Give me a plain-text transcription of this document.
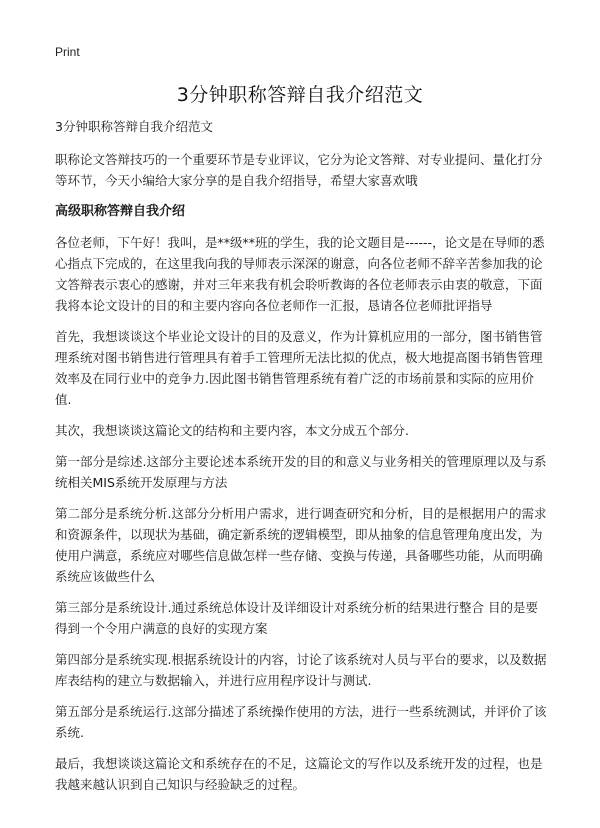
Print
3分钟职称答辩自我介绍范文

3分钟职称答辩自我介绍范文

职称论文答辩技巧的一个重要环节是专业评议，它分为论文答辩、对专业提问、量化打分等环节，今天小编给大家分享的是自我介绍指导，希望大家喜欢哦

高级职称答辩自我介绍

各位老师，下午好！我叫，是**级**班的学生，我的论文题目是------，论文是在导师的悉心指点下完成的，在这里我向我的导师表示深深的谢意，向各位老师不辞辛苦参加我的论文答辩表示衷心的感谢，并对三年来我有机会聆听教诲的各位老师表示由衷的敬意，下面我将本论文设计的目的和主要内容向各位老师作一汇报，恳请各位老师批评指导

首先，我想谈谈这个毕业论文设计的目的及意义，作为计算机应用的一部分，图书销售管理系统对图书销售进行管理具有着手工管理所无法比拟的优点，极大地提高图书销售管理效率及在同行业中的竞争力.因此图书销售管理系统有着广泛的市场前景和实际的应用价值.

其次，我想谈谈这篇论文的结构和主要内容，本文分成五个部分.

第一部分是综述.这部分主要论述本系统开发的目的和意义与业务相关的管理原理以及与系统相关MIS系统开发原理与方法

第二部分是系统分析.这部分分析用户需求，进行调查研究和分析，目的是根据用户的需求和资源条件，以现状为基础，确定新系统的逻辑模型，即从抽象的信息管理角度出发，为使用户满意，系统应对哪些信息做怎样一些存储、变换与传递，具备哪些功能，从而明确系统应该做些什么

第三部分是系统设计.通过系统总体设计及详细设计对系统分析的结果进行整合 目的是要得到一个令用户满意的良好的实现方案

第四部分是系统实现.根据系统设计的内容，讨论了该系统对人员与平台的要求，以及数据库表结构的建立与数据输入，并进行应用程序设计与测试.

第五部分是系统运行.这部分描述了系统操作使用的方法，进行一些系统测试，并评价了该系统.

最后，我想谈谈这篇论文和系统存在的不足，这篇论文的写作以及系统开发的过程，也是我越来越认识到自己知识与经验缺乏的过程。
